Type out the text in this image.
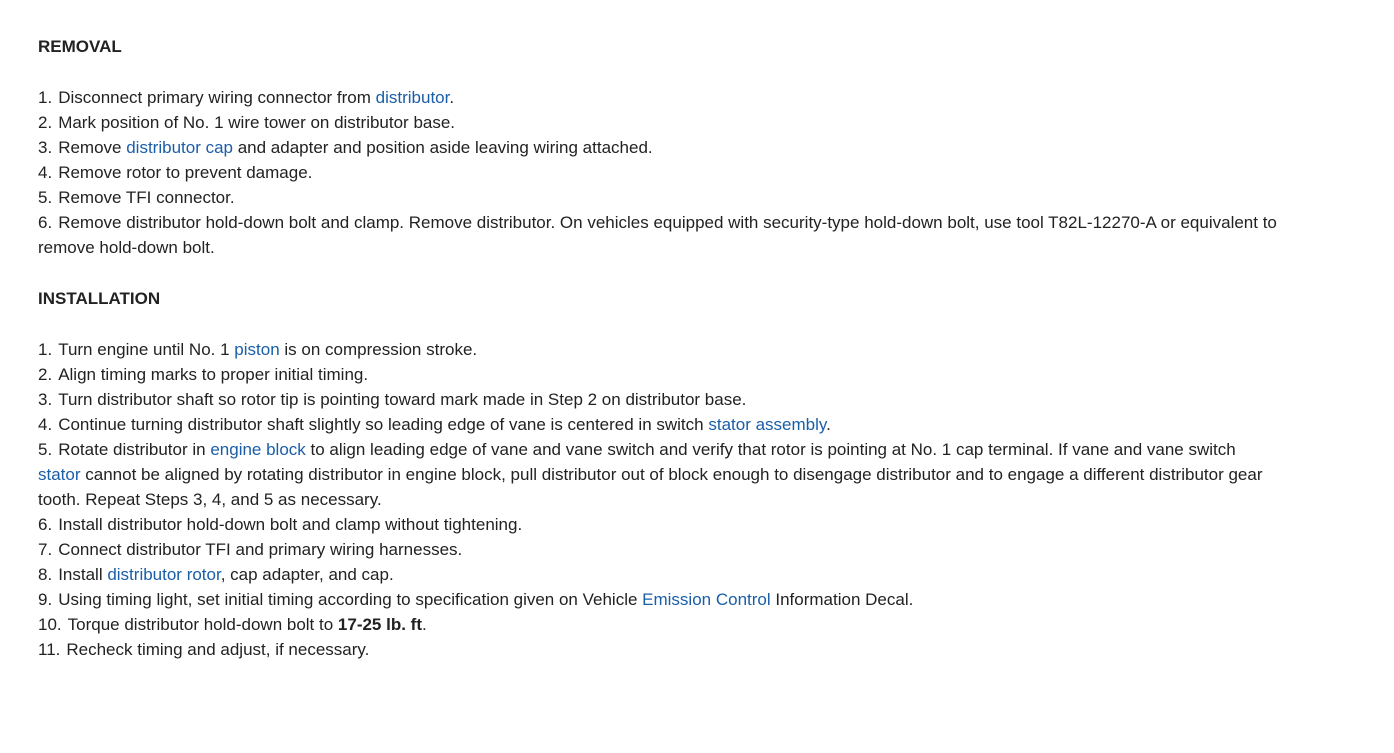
REMOVAL
1. Disconnect primary wiring connector from distributor.
2. Mark position of No. 1 wire tower on distributor base.
3. Remove distributor cap and adapter and position aside leaving wiring attached.
4. Remove rotor to prevent damage.
5. Remove TFI connector.
6. Remove distributor hold-down bolt and clamp. Remove distributor. On vehicles equipped with security-type hold-down bolt, use tool T82L-12270-A or equivalent to remove hold-down bolt.
INSTALLATION
1. Turn engine until No. 1 piston is on compression stroke.
2. Align timing marks to proper initial timing.
3. Turn distributor shaft so rotor tip is pointing toward mark made in Step 2 on distributor base.
4. Continue turning distributor shaft slightly so leading edge of vane is centered in switch stator assembly.
5. Rotate distributor in engine block to align leading edge of vane and vane switch and verify that rotor is pointing at No. 1 cap terminal. If vane and vane switch stator cannot be aligned by rotating distributor in engine block, pull distributor out of block enough to disengage distributor and to engage a different distributor gear tooth. Repeat Steps 3, 4, and 5 as necessary.
6. Install distributor hold-down bolt and clamp without tightening.
7. Connect distributor TFI and primary wiring harnesses.
8. Install distributor rotor, cap adapter, and cap.
9. Using timing light, set initial timing according to specification given on Vehicle Emission Control Information Decal.
10. Torque distributor hold-down bolt to 17-25 lb. ft.
11. Recheck timing and adjust, if necessary.
